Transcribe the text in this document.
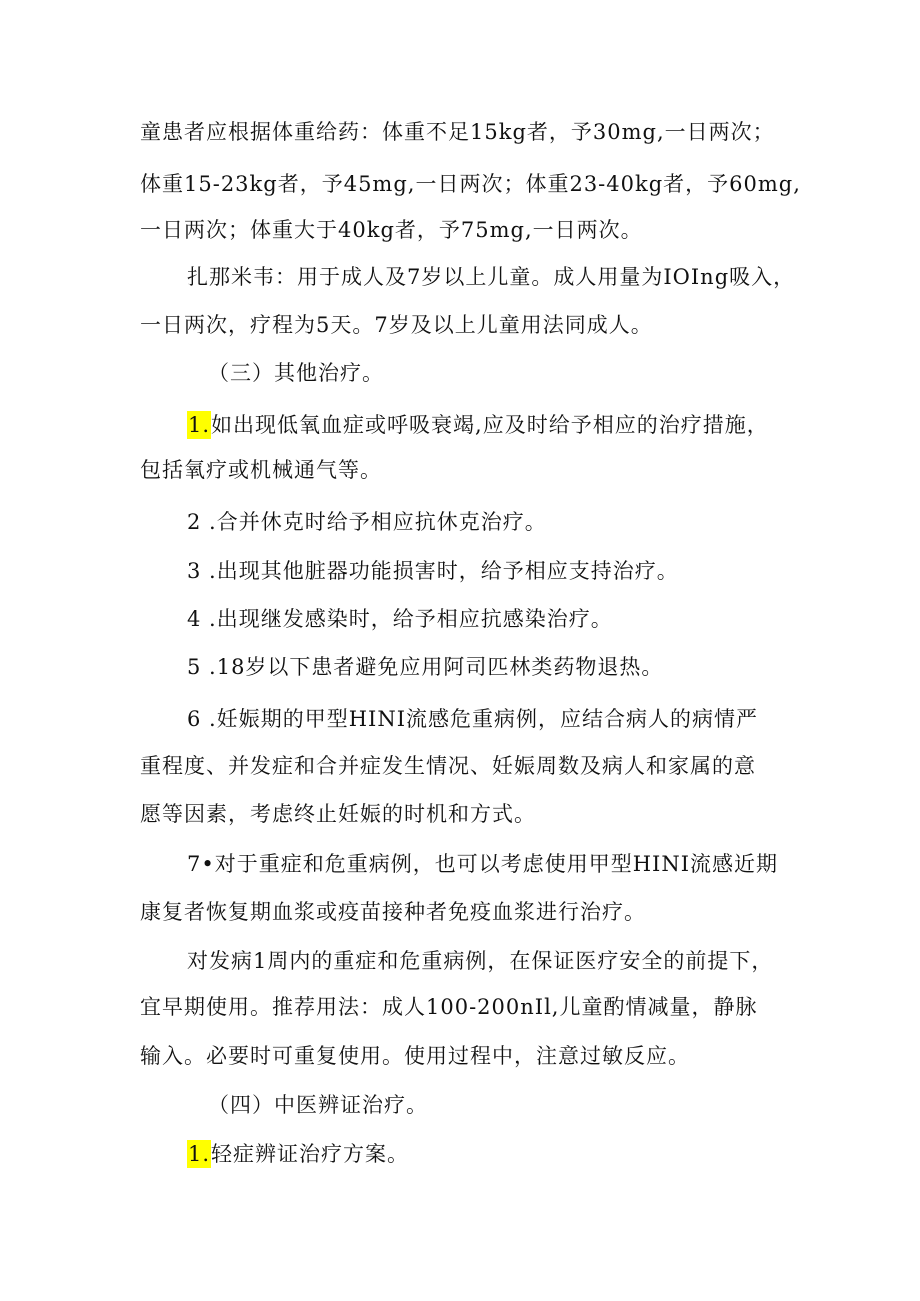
童患者应根据体重给药：体重不足15kg者，予30mg,一日两次；
体重15-23kg者，予45mg,一日两次；体重23-40kg者，予60mg,
一日两次；体重大于40kg者，予75mg,一日两次。
扎那米韦：用于成人及7岁以上儿童。成人用量为IOIng吸入，
一日两次，疗程为5天。7岁及以上儿童用法同成人。
（三）其他治疗。
1.如出现低氧血症或呼吸衰竭,应及时给予相应的治疗措施，
包括氧疗或机械通气等。
2 .合并休克时给予相应抗休克治疗。
3 .出现其他脏器功能损害时，给予相应支持治疗。
4 .出现继发感染时，给予相应抗感染治疗。
5 .18岁以下患者避免应用阿司匹林类药物退热。
6 .妊娠期的甲型HINI流感危重病例，应结合病人的病情严
重程度、并发症和合并症发生情况、妊娠周数及病人和家属的意
愿等因素，考虑终止妊娠的时机和方式。
7•对于重症和危重病例，也可以考虑使用甲型HINI流感近期
康复者恢复期血浆或疫苗接种者免疫血浆进行治疗。
对发病1周内的重症和危重病例，在保证医疗安全的前提下，
宜早期使用。推荐用法：成人100-200nIl,儿童酌情减量，静脉
输入。必要时可重复使用。使用过程中，注意过敏反应。
（四）中医辨证治疗。
1.轻症辨证治疗方案。
